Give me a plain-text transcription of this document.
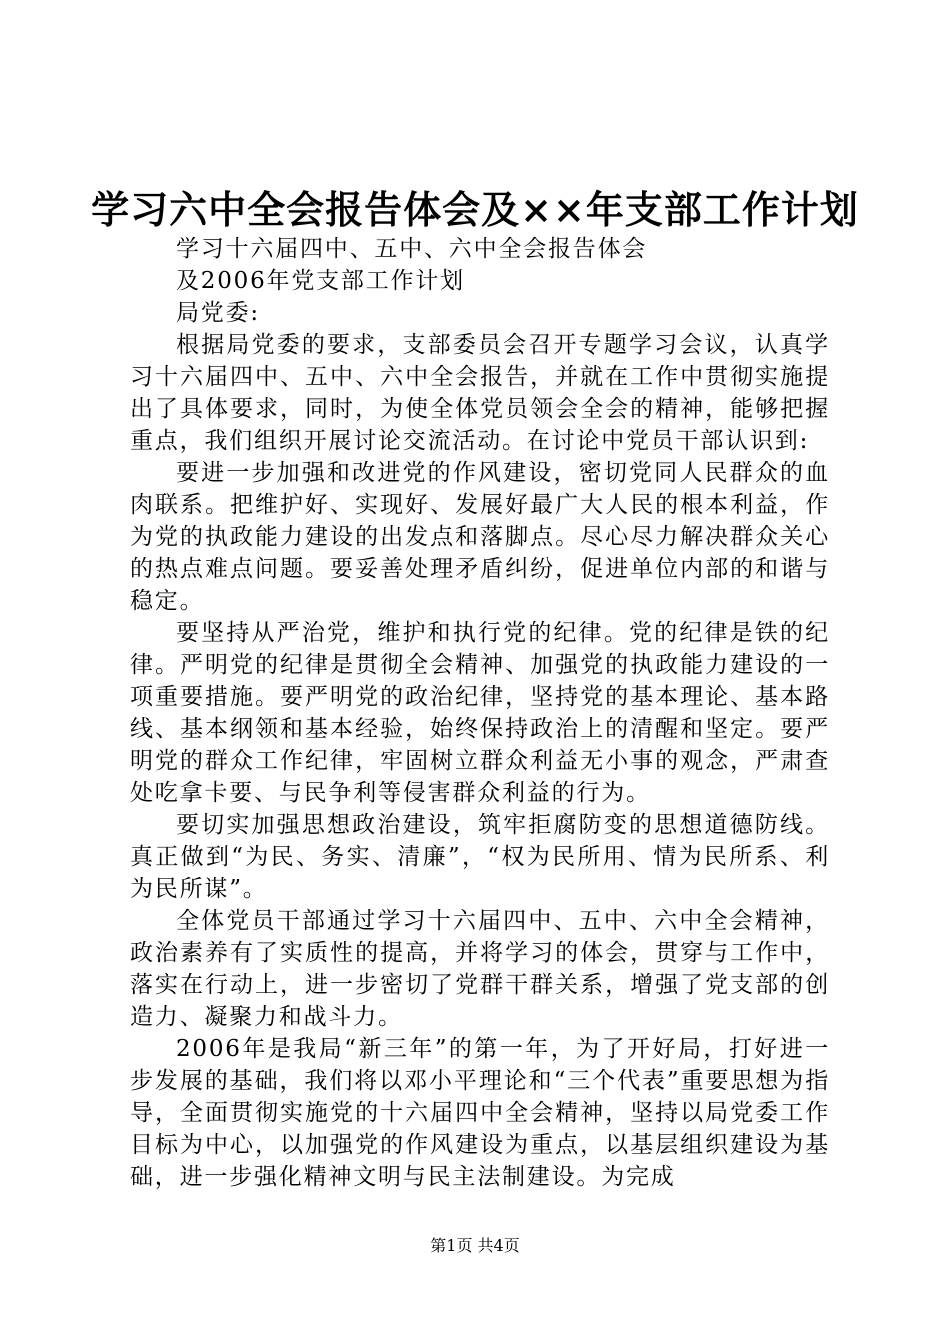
学习六中全会报告体会及××年支部工作计划

学习十六届四中、五中、六中全会报告体会

及2006年党支部工作计划

局党委:

根据局党委的要求，支部委员会召开专题学习会议，认真学习十六届四中、五中、六中全会报告，并就在工作中贯彻实施提出了具体要求，同时，为使全体党员领会全会的精神，能够把握重点，我们组织开展讨论交流活动。在讨论中党员干部认识到:

要进一步加强和改进党的作风建设，密切党同人民群众的血肉联系。把维护好、实现好、发展好最广大人民的根本利益，作为党的执政能力建设的出发点和落脚点。尽心尽力解决群众关心的热点难点问题。要妥善处理矛盾纠纷，促进单位内部的和谐与稳定。

要坚持从严治党，维护和执行党的纪律。党的纪律是铁的纪律。严明党的纪律是贯彻全会精神、加强党的执政能力建设的一项重要措施。要严明党的政治纪律，坚持党的基本理论、基本路线、基本纲领和基本经验，始终保持政治上的清醒和坚定。要严明党的群众工作纪律，牢固树立群众利益无小事的观念，严肃查处吃拿卡要、与民争利等侵害群众利益的行为。

要切实加强思想政治建设，筑牢拒腐防变的思想道德防线。真正做到“为民、务实、清廉”，“权为民所用、情为民所系、利为民所谋”。

全体党员干部通过学习十六届四中、五中、六中全会精神，政治素养有了实质性的提高，并将学习的体会，贯穿与工作中，落实在行动上，进一步密切了党群干群关系，增强了党支部的创造力、凝聚力和战斗力。

2006年是我局“新三年”的第一年，为了开好局，打好进一步发展的基础，我们将以邓小平理论和“三个代表”重要思想为指导，全面贯彻实施党的十六届四中全会精神，坚持以局党委工作目标为中心，以加强党的作风建设为重点，以基层组织建设为基础，进一步强化精神文明与民主法制建设。为完成

第1页 共4页
